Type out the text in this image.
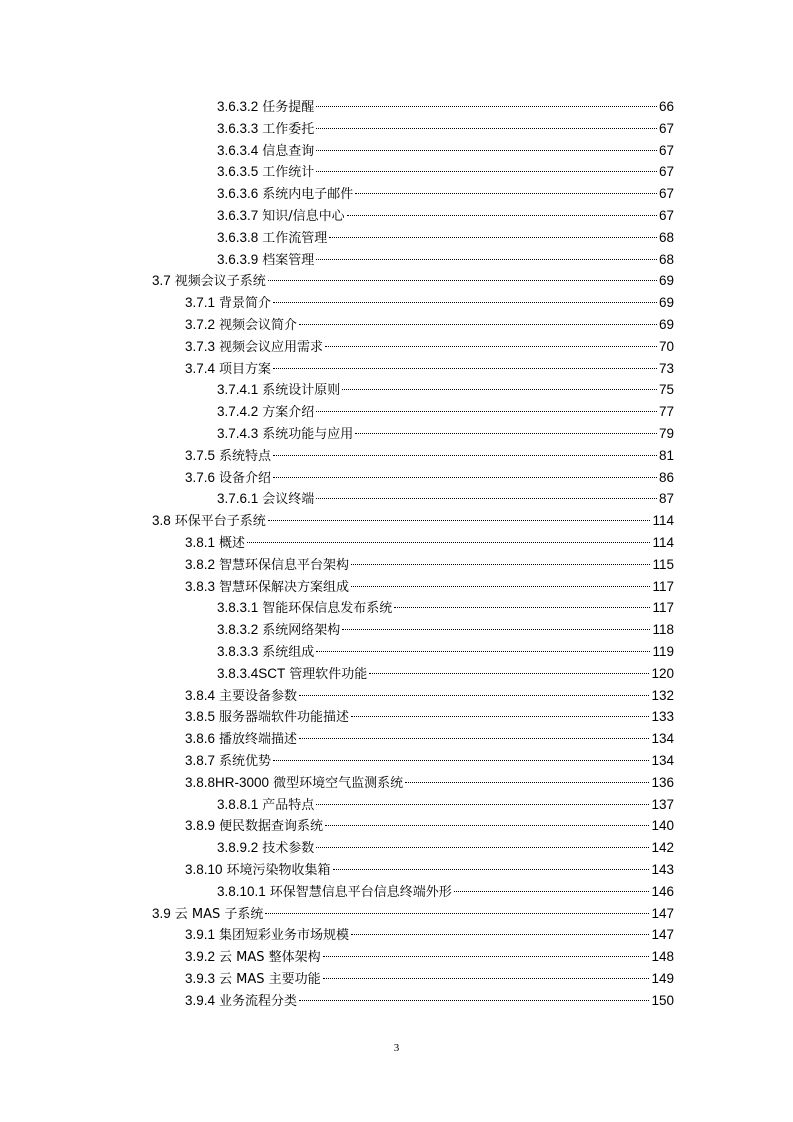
3.6.3.2 任务提醒	66
3.6.3.3 工作委托	67
3.6.3.4 信息查询	67
3.6.3.5 工作统计	67
3.6.3.6 系统内电子邮件	67
3.6.3.7 知识/信息中心	67
3.6.3.8 工作流管理	68
3.6.3.9 档案管理	68
3.7 视频会议子系统	69
3.7.1 背景简介	69
3.7.2 视频会议简介	69
3.7.3 视频会议应用需求	70
3.7.4 项目方案	73
3.7.4.1 系统设计原则	75
3.7.4.2 方案介绍	77
3.7.4.3 系统功能与应用	79
3.7.5 系统特点	81
3.7.6 设备介绍	86
3.7.6.1 会议终端	87
3.8 环保平台子系统	114
3.8.1 概述	114
3.8.2 智慧环保信息平台架构	115
3.8.3 智慧环保解决方案组成	117
3.8.3.1 智能环保信息发布系统	117
3.8.3.2 系统网络架构	118
3.8.3.3 系统组成	119
3.8.3.4SCT 管理软件功能	120
3.8.4 主要设备参数	132
3.8.5 服务器端软件功能描述	133
3.8.6 播放终端描述	134
3.8.7 系统优势	134
3.8.8HR-3000 微型环境空气监测系统	136
3.8.8.1 产品特点	137
3.8.9 便民数据查询系统	140
3.8.9.2 技术参数	142
3.8.10 环境污染物收集箱	143
3.8.10.1 环保智慧信息平台信息终端外形	146
3.9 云 MAS 子系统	147
3.9.1 集团短彩业务市场规模	147
3.9.2 云 MAS 整体架构	148
3.9.3 云 MAS 主要功能	149
3.9.4 业务流程分类	150
3
